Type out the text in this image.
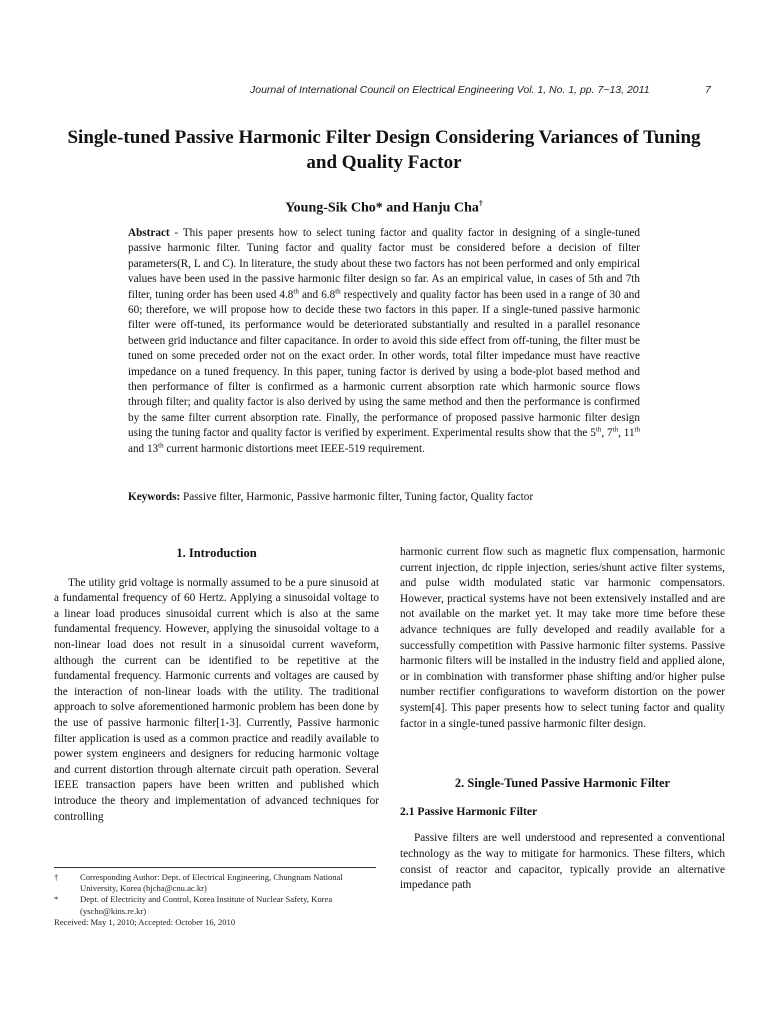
Journal of International Council on Electrical Engineering Vol. 1, No. 1, pp. 7~13, 2011	7
Single-tuned Passive Harmonic Filter Design Considering Variances of Tuning and Quality Factor
Young-Sik Cho* and Hanju Cha†
Abstract - This paper presents how to select tuning factor and quality factor in designing of a single-tuned passive harmonic filter. Tuning factor and quality factor must be considered before a decision of filter parameters(R, L and C). In literature, the study about these two factors has not been performed and only empirical values have been used in the passive harmonic filter design so far. As an empirical value, in cases of 5th and 7th filter, tuning order has been used 4.8th and 6.8th respectively and quality factor has been used in a range of 30 and 60; therefore, we will propose how to decide these two factors in this paper. If a single-tuned passive harmonic filter were off-tuned, its performance would be deteriorated substantially and resulted in a parallel resonance between grid inductance and filter capacitance. In order to avoid this side effect from off-tuning, the filter must be tuned on some preceded order not on the exact order. In other words, total filter impedance must have reactive impedance on a tuned frequency. In this paper, tuning factor is derived by using a bode-plot based method and then performance of filter is confirmed as a harmonic current absorption rate which harmonic source flows through filter; and quality factor is also derived by using the same method and then the performance is confirmed by the same filter current absorption rate. Finally, the performance of proposed passive harmonic filter design using the tuning factor and quality factor is verified by experiment. Experimental results show that the 5th, 7th, 11th and 13th current harmonic distortions meet IEEE-519 requirement.
Keywords: Passive filter, Harmonic, Passive harmonic filter, Tuning factor, Quality factor
1. Introduction

The utility grid voltage is normally assumed to be a pure sinusoid at a fundamental frequency of 60 Hertz. Applying a sinusoidal voltage to a linear load produces sinusoidal current which is also at the same fundamental frequency. However, applying the sinusoidal voltage to a non-linear load does not result in a sinusoidal current waveform, although the current can be identified to be repetitive at the fundamental frequency. Harmonic currents and voltages are caused by the interaction of non-linear loads with the utility. The traditional approach to solve aforementioned harmonic problem has been done by the use of passive harmonic filter[1-3]. Currently, Passive harmonic filter application is used as a common practice and readily available to power system engineers and designers for reducing harmonic voltage and current distortion through alternate circuit path operation. Several IEEE transaction papers have been written and published which introduce the theory and implementation of advanced techniques for controlling

harmonic current flow such as magnetic flux compensation, harmonic current injection, dc ripple injection, series/shunt active filter systems, and pulse width modulated static var harmonic compensators. However, practical systems have not been extensively installed and are not available on the market yet. It may take more time before these advance techniques are fully developed and readily available for a successfully competition with Passive harmonic filter systems. Passive harmonic filters will be installed in the industry field and applied alone, or in combination with transformer phase shifting and/or higher pulse number rectifier configurations to waveform distortion on the power system[4]. This paper presents how to select tuning factor and quality factor in a single-tuned passive harmonic filter design.

2. Single-Tuned Passive Harmonic Filter
2.1 Passive Harmonic Filter

Passive filters are well understood and represented a conventional technology as the way to mitigate for harmonics. These filters, which consist of reactor and capacitor, typically provide an alternative impedance path

†	Corresponding Author: Dept. of Electrical Engineering, Chungnam National University, Korea (hjcha@cnu.ac.kr)
*	Dept. of Electricity and Control, Korea Institute of Nuclear Safety, Korea (yscho@kins.re.kr)
Received: May 1, 2010; Accepted: October 16, 2010
